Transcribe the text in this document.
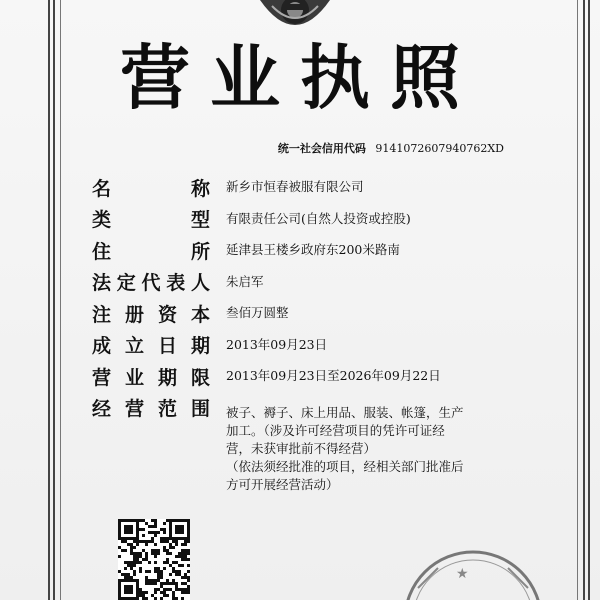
营业执照
统一社会信用代码 9141072607940762XD
名	称 新乡市恒春被服有限公司
类	型 有限责任公司(自然人投资或控股)
住	所 延津县王楼乡政府东200米路南
法 定 代 表 人 朱启军
注 册 资 本 叁佰万圆整
成 立 日 期 2013年09月23日
营 业 期 限 2013年09月23日至2026年09月22日
经 营 范 围 被子、褥子、床上用品、服装、帐篷，生产
加工。（涉及许可经营项目的凭许可证经
营，未获审批前不得经营）
（依法须经批准的项目，经相关部门批准后
方可开展经营活动）
★
